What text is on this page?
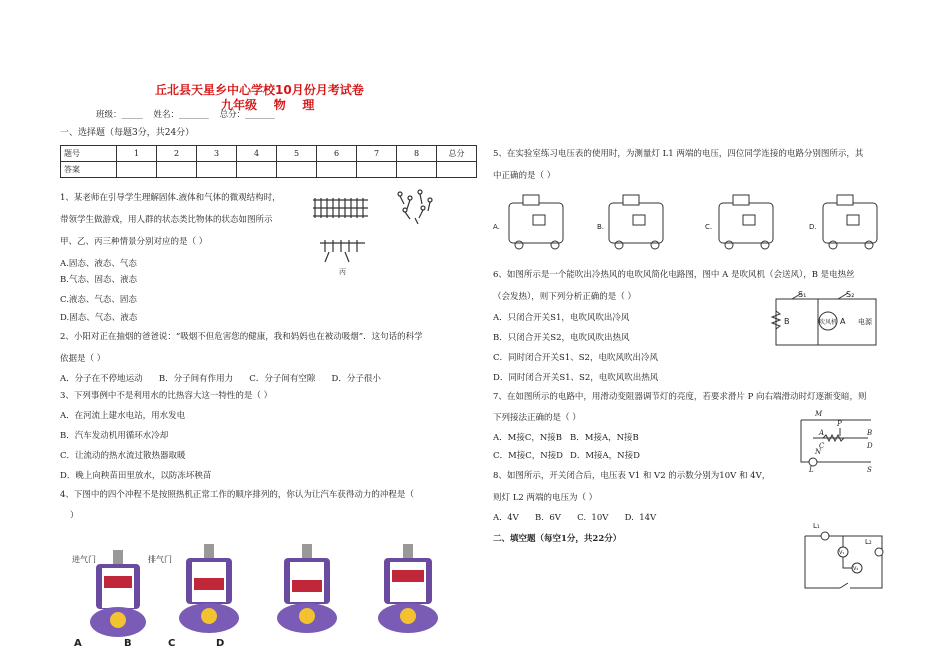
丘北县天星乡中心学校10月份月考试卷
九年级    物    理
班级：_____    姓名：_______    总分：_______
一、选择题（每题3分，共24分）
题号	1	2	3	4	5	6	7	8	总分
答案									
1、某老师在引导学生理解固体.液体和气体的微观结构时，
带领学生做游戏，用人群的状态类比物体的状态如图所示
甲、乙、丙三种情景分别对应的是（ ）
A.固态、液态、气态
B.气态、固态、液态
C.液态、气态、固态
D.固态、气态、液态
丙
2、小阳对正在抽烟的爸爸说：“吸烟不但危害您的健康，我和妈妈也在被动吸烟”．这句话的科学
依据是（ ）
A．分子在不停地运动      B．分子间有作用力      C．分子间有空隙      D．分子很小
3、下列事例中不是利用水的比热容大这一特性的是（ ）
A．在河流上建水电站，用水发电
B．汽车发动机用循环水冷却
C．让流动的热水流过散热器取暖
D．晚上向秧苗田里放水，以防冻坏秧苗
4、下图中的四个冲程不是按照热机正常工作的顺序排列的，你认为让汽车获得动力的冲程是（
）
进气门	排气门
A	B	C	D
5、在实验室练习电压表的使用时，为测量灯 L1 两端的电压，四位同学连接的电路分别图所示，其
中正确的是（ ）
A.	B.	C.	D.
6、如图所示是一个能吹出冷热风的电吹风简化电路图，图中 A 是吹风机（会送风），B 是电热丝
（会发热），则下列分析正确的是（ ）
A．只闭合开关S1，电吹风吹出冷风
B．只闭合开关S2，电吹风吹出热风
C．同时闭合开关S1、S2，电吹风吹出冷风
D．同时闭合开关S1、S2，电吹风吹出热风
S₁	S₂
B	吹风机 A 电源
7、在如图所示的电路中，用滑动变阻器调节灯的亮度，若要求滑片 P 向右端滑动时灯逐渐变暗，则
下列接法正确的是（ ）
A．M接C，N接B B．M接A，N接B
C．M接C，N接D D．M接A，N接D
M
N
P
A	B
C	D
L	S
8、如图所示，开关闭合后，电压表 V1 和 V2 的示数分别为10V 和 4V，
则灯 L2 两端的电压为（ ）
A.  4V      B.  6V      C.  10V      D.  14V
L₁
L₂
V₁
V₂
二、填空题（每空1分，共22分）
